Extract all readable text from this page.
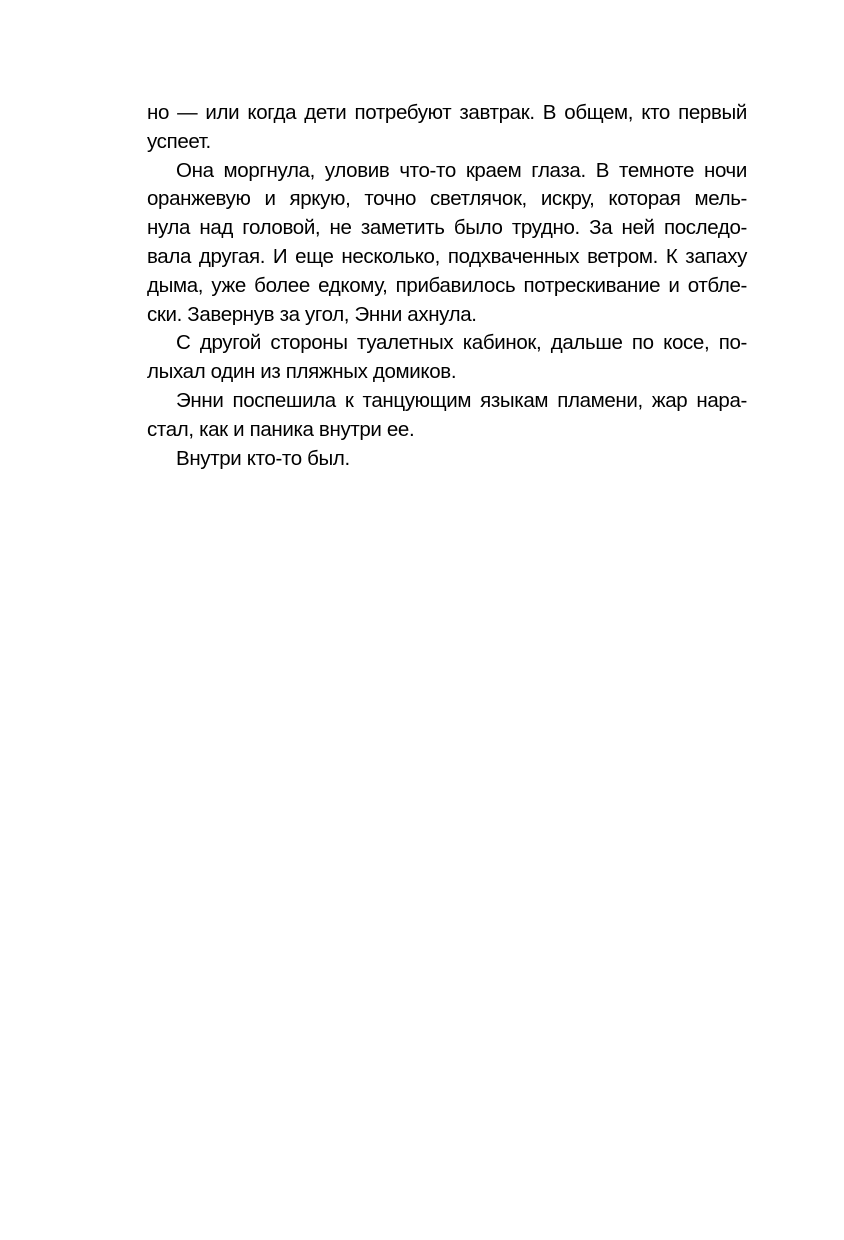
но — или когда дети потребуют завтрак. В общем, кто первый
успеет.
Она моргнула, уловив что-то краем глаза. В темноте ночи
оранжевую и яркую, точно светлячок, искру, которая мель-
нула над головой, не заметить было трудно. За ней последо-
вала другая. И еще несколько, подхваченных ветром. К запаху
дыма, уже более едкому, прибавилось потрескивание и отбле-
ски. Завернув за угол, Энни ахнула.
С другой стороны туалетных кабинок, дальше по косе, по-
лыхал один из пляжных домиков.
Энни поспешила к танцующим языкам пламени, жар нара-
стал, как и паника внутри ее.
Внутри кто-то был.
